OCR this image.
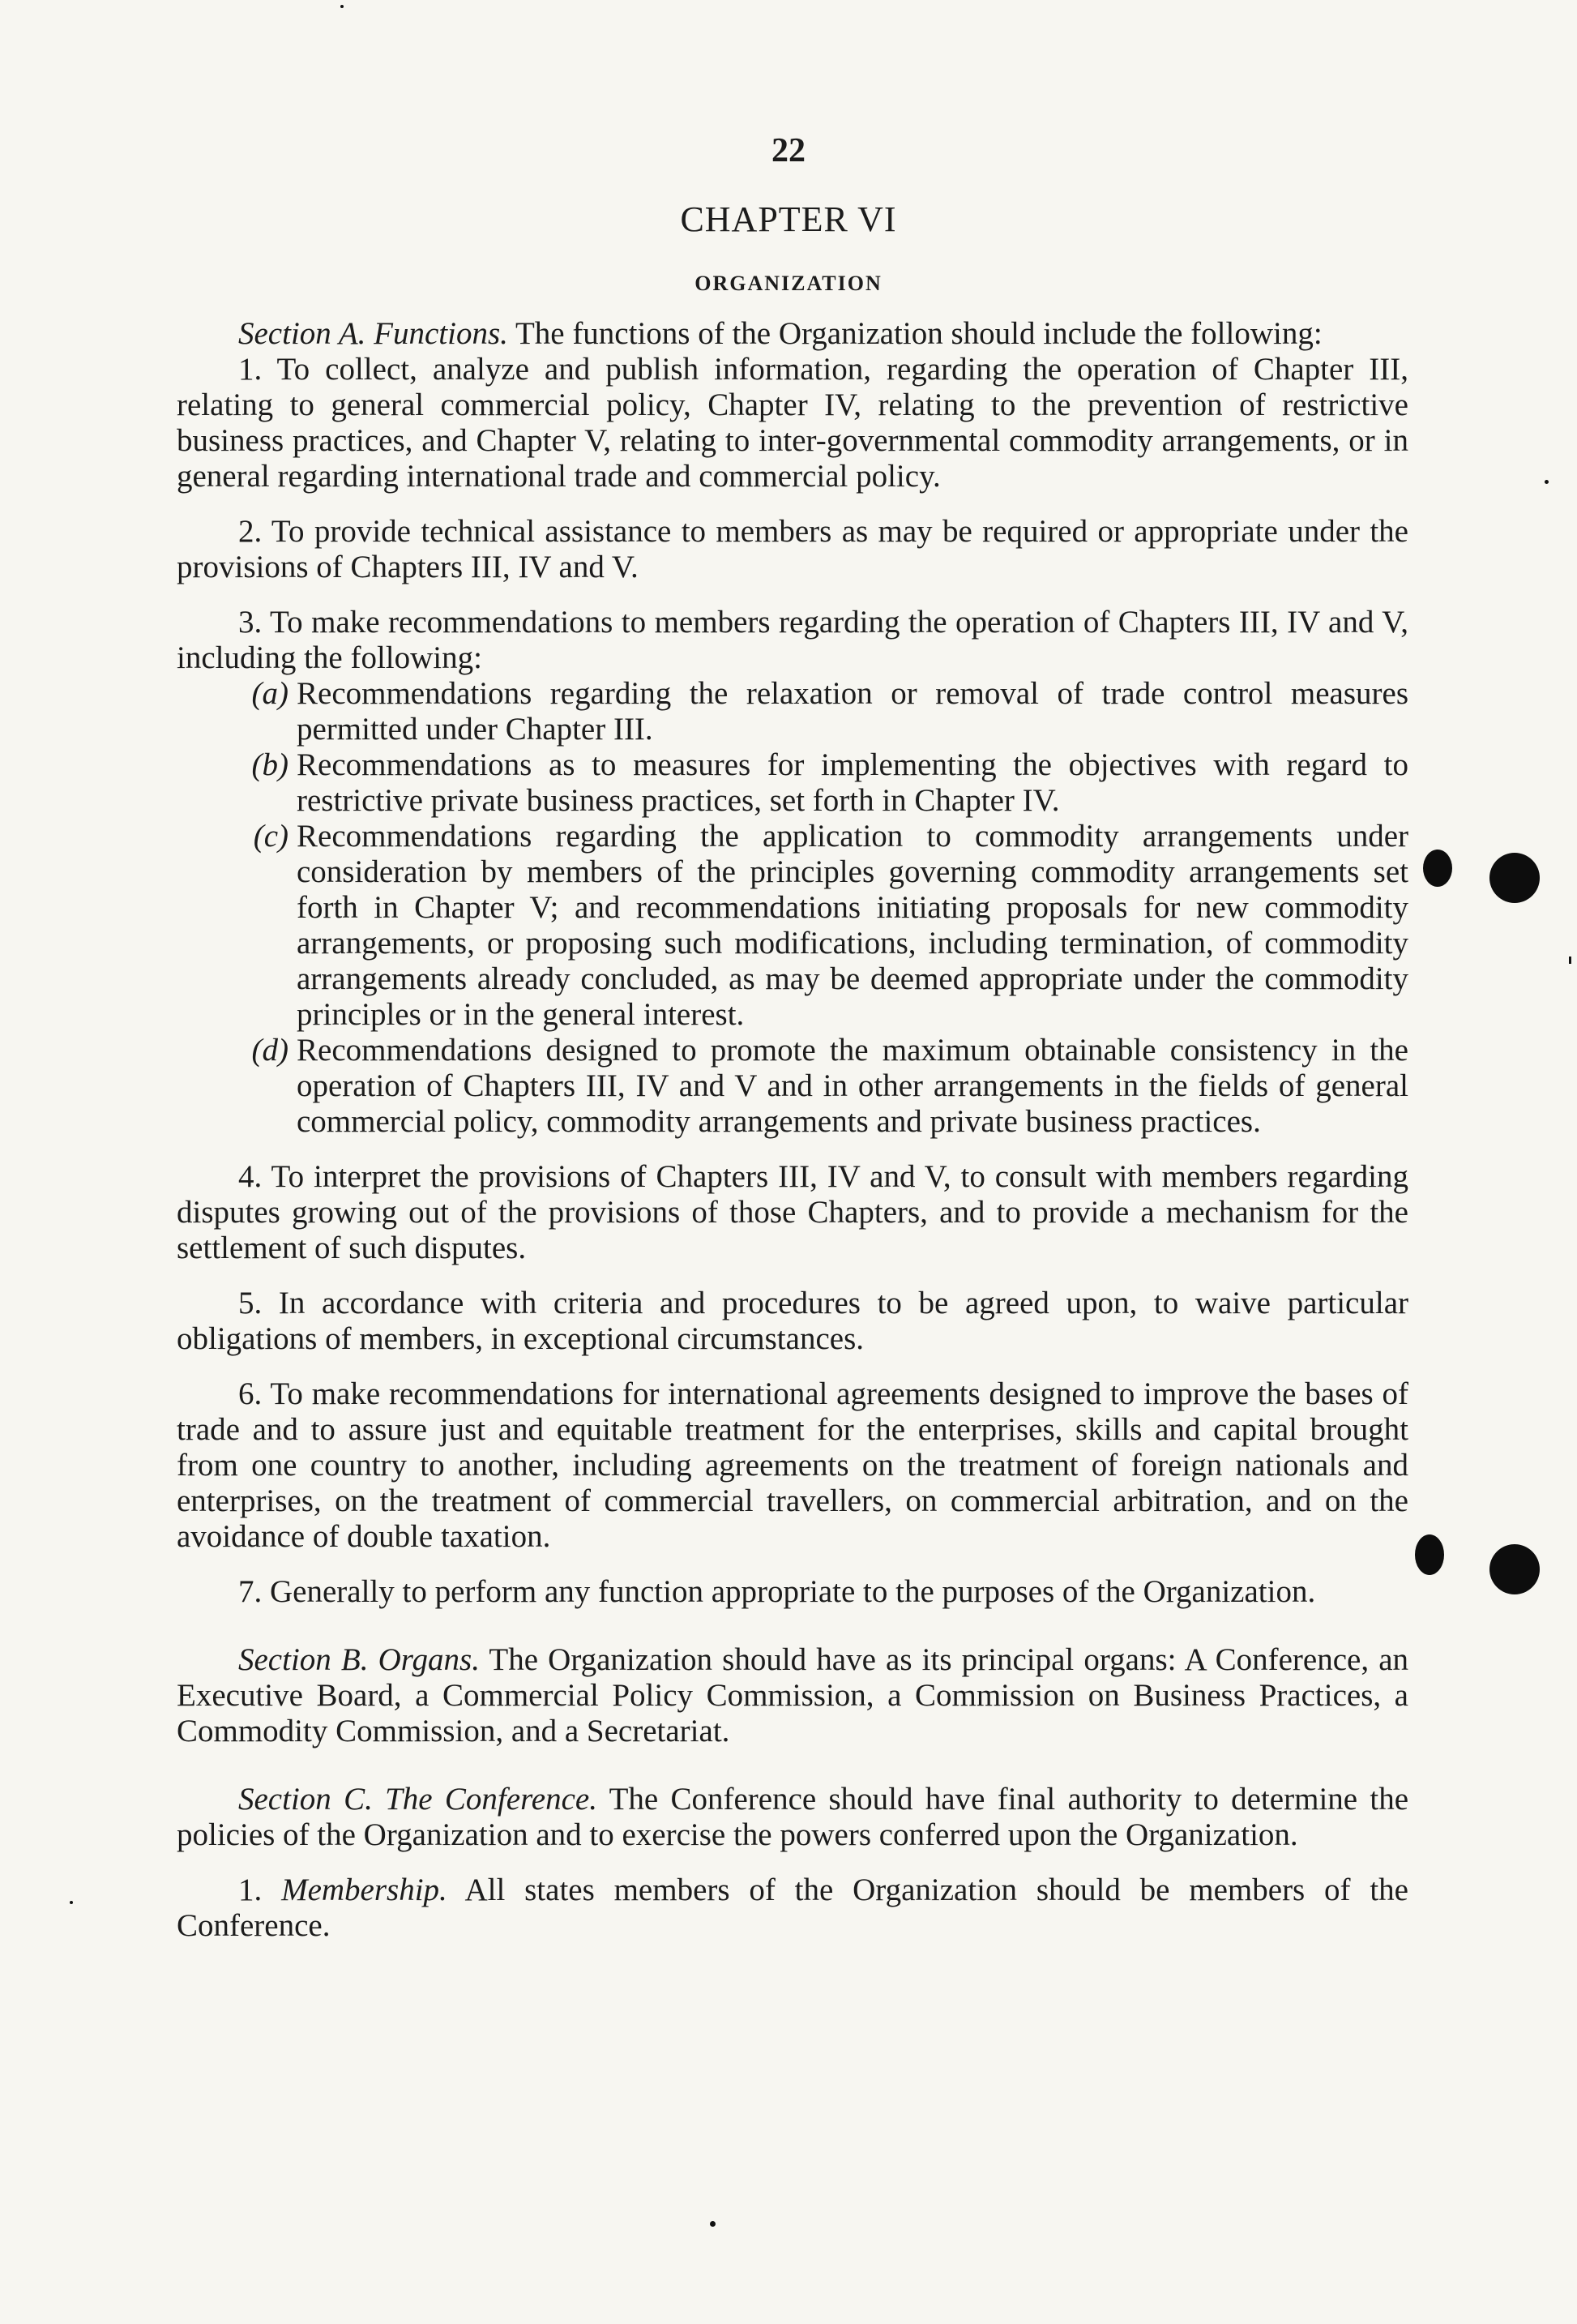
22
CHAPTER VI
ORGANIZATION

Section A. Functions. The functions of the Organization should include the following:

1. To collect, analyze and publish information, regarding the operation of Chapter III, relating to general commercial policy, Chapter IV, relating to the prevention of restrictive business practices, and Chapter V, relating to inter-governmental commodity arrangements, or in general regarding international trade and commercial policy.

2. To provide technical assistance to members as may be required or appropriate under the provisions of Chapters III, IV and V.

3. To make recommendations to members regarding the operation of Chapters III, IV and V, including the following:

(a) Recommendations regarding the relaxation or removal of trade control measures permitted under Chapter III.
(b) Recommendations as to measures for implementing the objectives with regard to restrictive private business practices, set forth in Chapter IV.
(c) Recommendations regarding the application to commodity arrangements under consideration by members of the principles governing commodity arrangements set forth in Chapter V; and recommendations initiating proposals for new commodity arrangements, or proposing such modifications, including termination, of commodity arrangements already concluded, as may be deemed appropriate under the commodity principles or in the general interest.
(d) Recommendations designed to promote the maximum obtainable consistency in the operation of Chapters III, IV and V and in other arrangements in the fields of general commercial policy, commodity arrangements and private business practices.

4. To interpret the provisions of Chapters III, IV and V, to consult with members regarding disputes growing out of the provisions of those Chapters, and to provide a mechanism for the settlement of such disputes.

5. In accordance with criteria and procedures to be agreed upon, to waive particular obligations of members, in exceptional circumstances.

6. To make recommendations for international agreements designed to improve the bases of trade and to assure just and equitable treatment for the enterprises, skills and capital brought from one country to another, including agreements on the treatment of foreign nationals and enterprises, on the treatment of commercial travellers, on commercial arbitration, and on the avoidance of double taxation.

7. Generally to perform any function appropriate to the purposes of the Organization.

Section B. Organs. The Organization should have as its principal organs: A Conference, an Executive Board, a Commercial Policy Commission, a Commission on Business Practices, a Commodity Commission, and a Secretariat.

Section C. The Conference. The Conference should have final authority to determine the policies of the Organization and to exercise the powers conferred upon the Organization.

1. Membership. All states members of the Organization should be members of the Conference.
